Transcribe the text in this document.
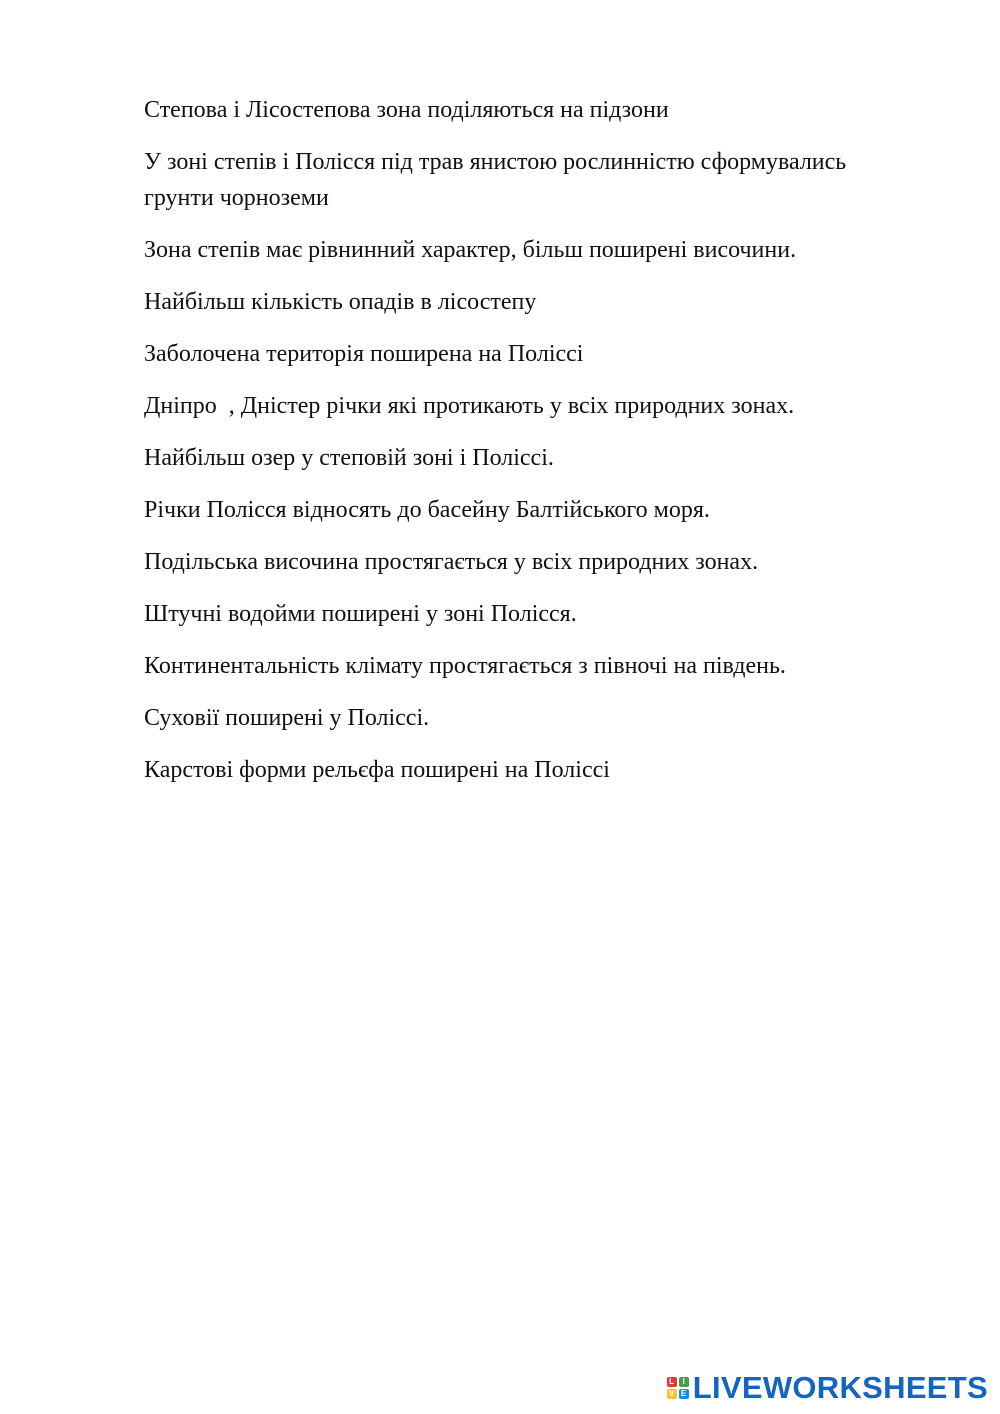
Степова і Лісостепова зона поділяються на підзони

У зоні степів і Полісся під трав янистою рослинністю сформувались грунти чорноземи

Зона степів має рівнинний характер, більш поширені височини.

Найбільш кількість опадів в лісостепу

Заболочена територія поширена на Поліссі

Дніпро  , Дністер річки які протикають у всіх природних зонах.

Найбільш озер у степовій зоні і Поліссі.

Річки Полісся відносять до басейну Балтійського моря.

Подільська височина простягається у всіх природних зонах.

Штучні водойми поширені у зоні Полісся.

Континентальність клімату простягається з півночі на південь.

Суховії поширені у Поліссі.

Карстові форми рельєфа поширені на Поліссі

L	I
V E LIVEWORKSHEETS
